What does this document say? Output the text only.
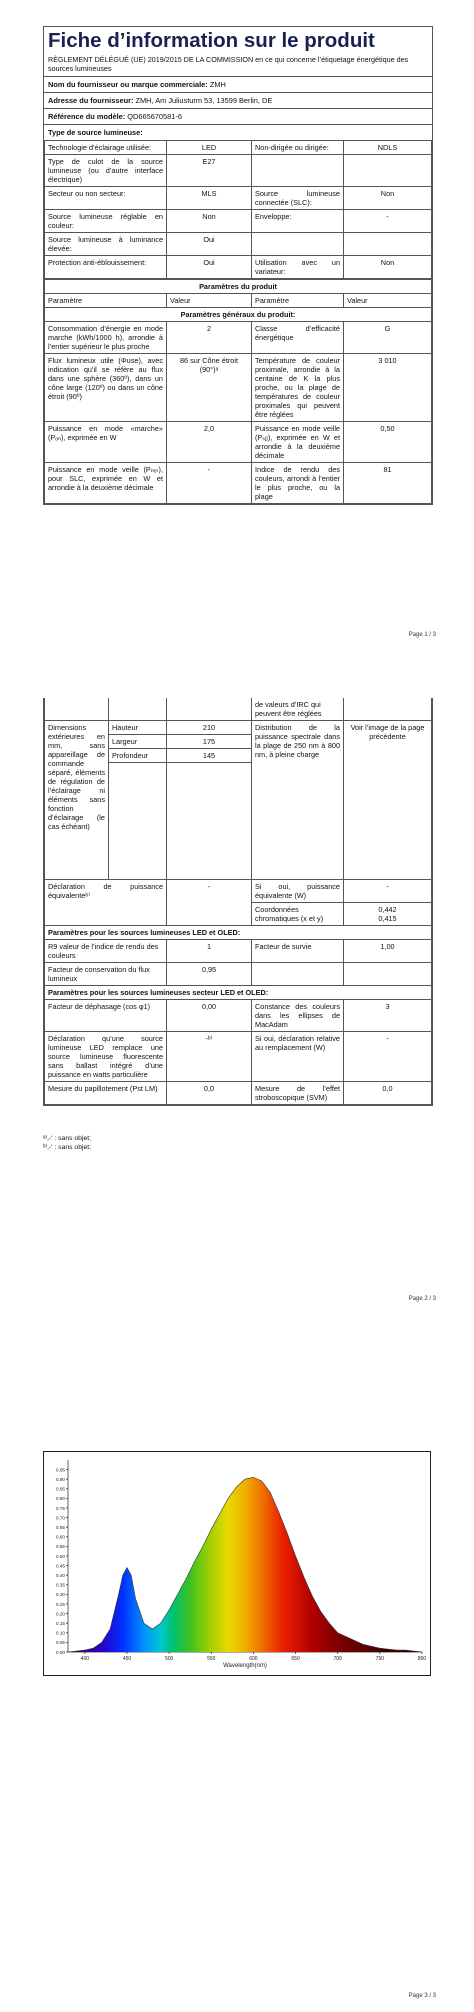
Fiche d’information sur le produit
RÈGLEMENT DÉLÉGUÉ (UE) 2019/2015 DE LA COMMISSION en ce qui concerne l’étiquetage énergétique des sources lumineuses
Nom du fournisseur ou marque commerciale: ZMH
Adresse du fournisseur: ZMH, Am Juliusturm 53, 13599 Berlin, DE
Référence du modèle: QD665670581-6
Type de source lumineuse:
Technologie d’éclairage utilisée:	LED	Non-dirigée ou dirigée:	NDLS
Type de culot de la source lumineuse (ou d’autre interface électrique)	E27		
Secteur ou non secteur:	MLS	Source lumineuse connectée (SLC):	Non
Source lumineuse réglable en couleur:	Non	Enveloppe:	-
Source lumineuse à luminance élevée:	Oui		
Protection anti-éblouissement:	Oui	Utilisation avec un variateur:	Non
Paramètres du produit			
Paramètre	Valeur	Paramètre	Valeur
Paramètres généraux du produit:			
Consommation d’énergie en mode marche (kWh/1000 h), arrondie à l’entier supérieur le plus proche	2	Classe d’efficacité énergétique	G
Flux lumineux utile (Φuse), avec indication qu’il se réfère au flux dans une sphère (360º), dans un cône large (120º) ou dans un cône étroit (90º)	86 sur Cône étroit (90°)ᵃ	Température de couleur proximale, arrondie à la centaine de K la plus proche, ou la plage de températures de couleur proximales qui peuvent être réglées	3 010
Puissance en mode «marche» (Pₒₙ), exprimée en W	2,0	Puissance en mode veille (Pₛᵦ), exprimée en W et arrondie à la deuxième décimale	0,50
Puissance en mode veille (Pₙₑₜ), pour SLC, exprimée en W et arrondie à la deuxième décimale	-	Indice de rendu des couleurs, arrondi à l’entier le plus proche, ou la plage	81
Page 1 / 3
			de valeurs d’IRC qui peuvent être réglées	
Dimensions extérieures en mm, sans appareillage de commande séparé, éléments de régulation de l’éclairage ni éléments sans fonction d’éclairage (le cas échéant)	Hauteur	210	Distribution de la puissance spectrale dans la plage de 250 nm à 800 nm, à pleine charge	Voir l’image de la page précédente
	Largeur	175		
	Profondeur	145		

Déclaration de puissance équivalenteᵇ⁾		-	Si oui, puissance équivalente (W)	-
			Coordonnées chromatiques (x et y)	0,442
0,415

Paramètres pour les sources lumineuses LED et OLED:				
R9 valeur de l’indice de rendu des couleurs		1	Facteur de survie	1,00
Facteur de conservation du flux lumineux		0,95		
Paramètres pour les sources lumineuses secteur LED et OLED:				
Facteur de déphasage (cos φ1)		0,00	Constance des couleurs dans les ellipses de MacAdam	3
Déclaration qu’une source lumineuse LED remplace une source lumineuse fluorescente sans ballast intégré d’une puissance en watts particulière		-ᵇ⁾	Si oui, déclaration relative au remplacement (W)	-
Mesure du papillotement (Pst LM)		0,0	Mesure de l’effet stroboscopique (SVM)	0,0
ᵃ⁾‚-‘ : sans objet;
ᵇ⁾‚-‘ : sans objet;
Page 2 / 3
0.00
0.05
0.10
0.15
0.20
0.25
0.30
0.35
0.40
0.45
0.50
0.55
0.60
0.65
0.70
0.75
0.80
0.85
0.90
0.95
400	450	500	550	600	650	700	750	800
Wavelength(nm)
Page 3 / 3
